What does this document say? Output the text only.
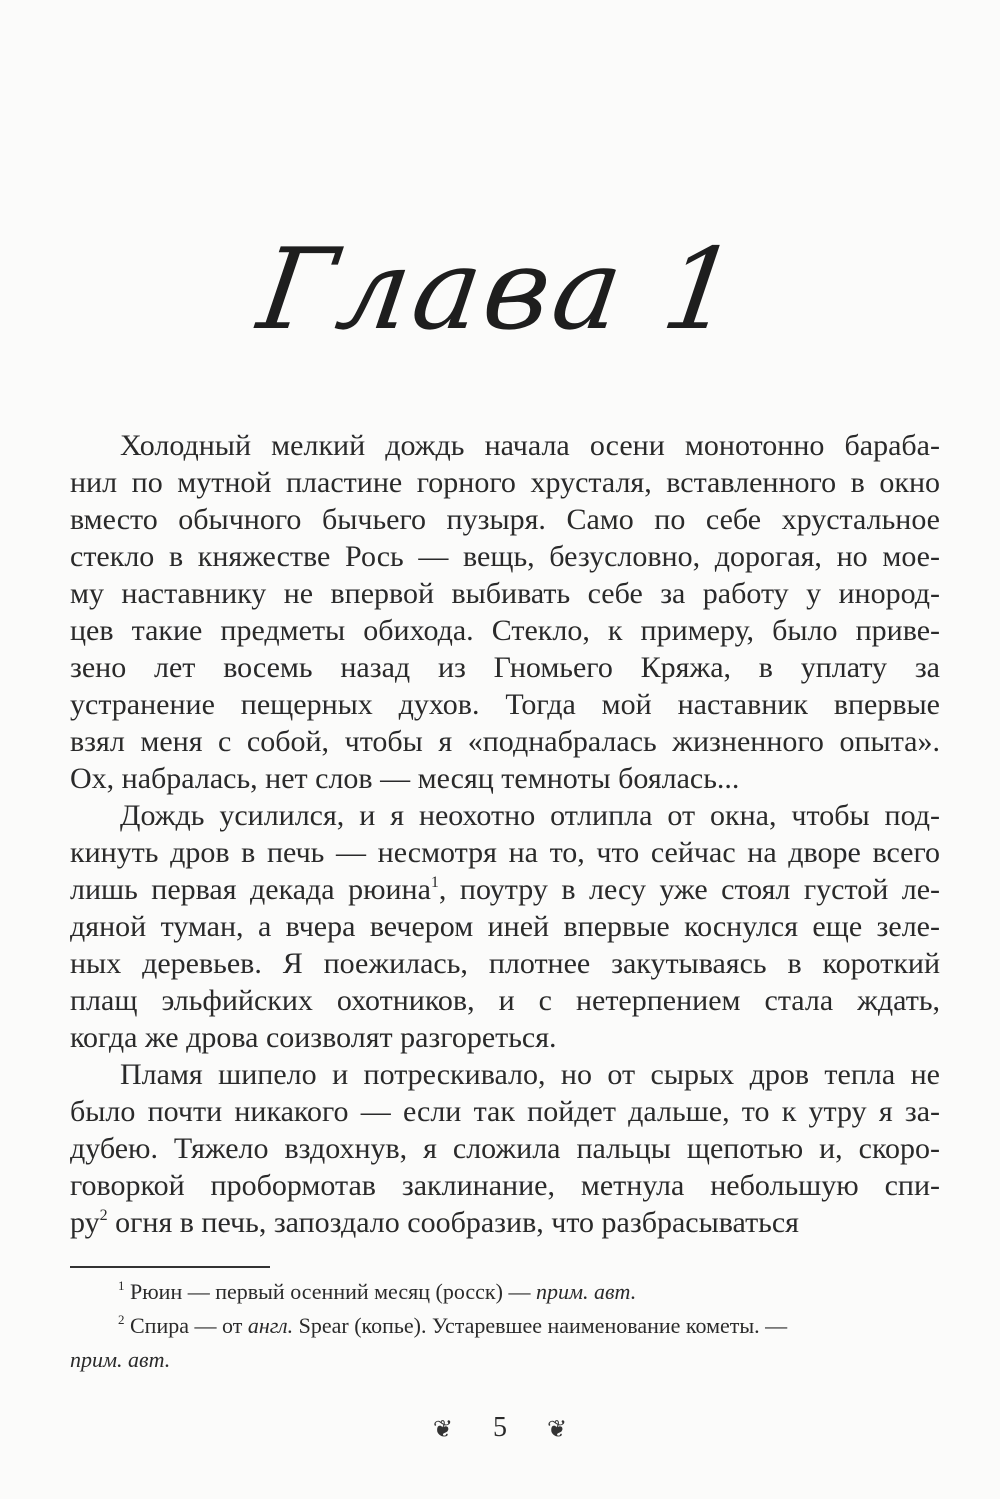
Глава 1
Холодный мелкий дождь начала осени монотонно бараба-
нил по мутной пластине горного хрусталя, вставленного в окно
вместо обычного бычьего пузыря. Само по себе хрустальное
стекло в княжестве Рось — вещь, безусловно, дорогая, но мое-
му наставнику не впервой выбивать себе за работу у инород-
цев такие предметы обихода. Стекло, к примеру, было приве-
зено лет восемь назад из Гномьего Кряжа, в уплату за
устранение пещерных духов. Тогда мой наставник впервые
взял меня с собой, чтобы я «поднабралась жизненного опыта».
Ох, набралась, нет слов — месяц темноты боялась...
Дождь усилился, и я неохотно отлипла от окна, чтобы под-
кинуть дров в печь — несмотря на то, что сейчас на дворе всего
лишь первая декада рюина$^1$, поутру в лесу уже стоял густой ле-
дяной туман, а вчера вечером иней впервые коснулся еще зеле-
ных деревьев. Я поежилась, плотнее закутываясь в короткий
плащ эльфийских охотников, и с нетерпением стала ждать,
когда же дрова соизволят разгореться.
Пламя шипело и потрескивало, но от сырых дров тепла не
было почти никакого — если так пойдет дальше, то к утру я за-
дубею. Тяжело вздохнув, я сложила пальцы щепотью и, скоро-
говоркой пробормотав заклинание, метнула небольшую спи-
$ру^2$ огня в печь, запоздало сообразив, что разбрасываться
$^1$ Рюин — первый осенний месяц (росск) — прим. авт.
$^2$ Спира — от англ. Spear (копье). Устаревшее наименование кометы. —
прим. авт.
❦ 5 ❦
